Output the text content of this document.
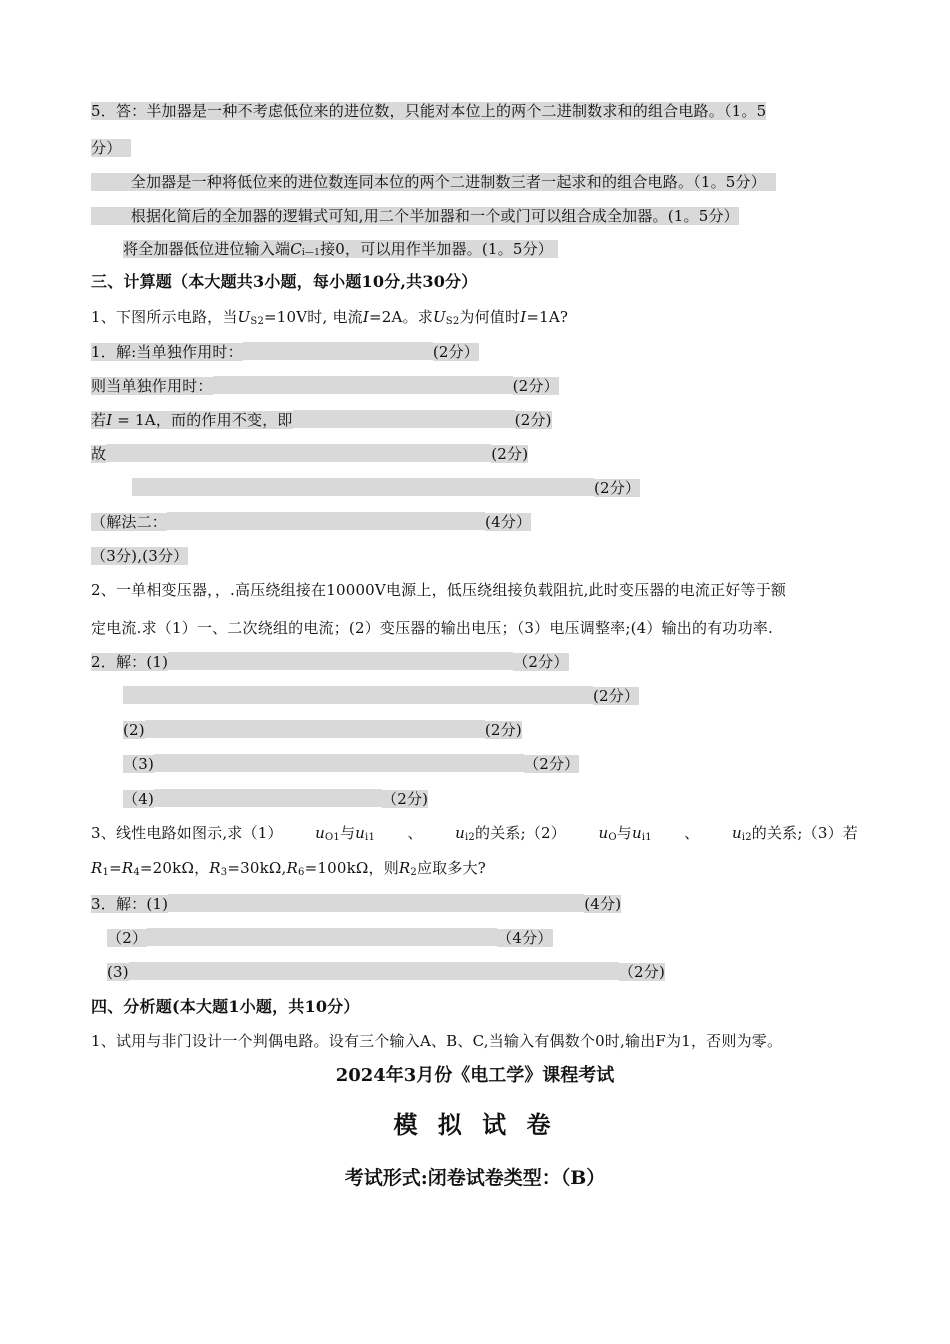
5．答：半加器是一种不考虑低位来的进位数，只能对本位上的两个二进制数求和的组合电路。（1。5
分）
全加器是一种将低位来的进位数连同本位的两个二进制数三者一起求和的组合电路。（1。5分）
根据化简后的全加器的逻辑式可知,用二个半加器和一个或门可以组合成全加器。(1。5分）
将全加器低位进位输入端Ci—1接0，可以用作半加器。(1。5分）
三、计算题（本大题共3小题，每小题10分,共30分）
1、下图所示电路，当$U_{S2}=10V$时, 电流I=2A。求$U_{S2}$为何值时I=1A?
1．解:当单独作用时：	(2分）
则当单独作用时：	(2分）
若I = 1A，而的作用不变，即	(2分)
故	(2分)
(2分）
（解法二：	(4分）
（3分),(3分）
2、一单相变压器，，.高压绕组接在10000V电源上，低压绕组接负载阻抗,此时变压器的电流正好等于额
定电流.求（1）一、二次绕组的电流；(2）变压器的输出电压；（3）电压调整率;(4）输出的有功功率.
2．解：(1)	（2分）
(2分）
(2)	(2分)
（3)	（2分）
（4)	（2分)
3、线性电路如图示,求（1） $u_{O1}$与$u_{i1}$ 、 $u_{i2}$的关系;（2） $u_O$与$u_{i1}$ 、 $u_{i2}$的关系;（3）若
$R_1=R_4=20k\Omega$，$R_3=30k\Omega,R_6=100k\Omega$，则$R_2$应取多大?
3．解：(1)	(4分)
（2）	（4分）
(3)	（2分)
四、分析题(本大题1小题，共10分）
1、试用与非门设计一个判偶电路。设有三个输入A、B、C,当输入有偶数个0时,输出F为1，否则为零。
2024年3月份《电工学》课程考试
模 拟 试 卷
考试形式:闭卷试卷类型：（B）
